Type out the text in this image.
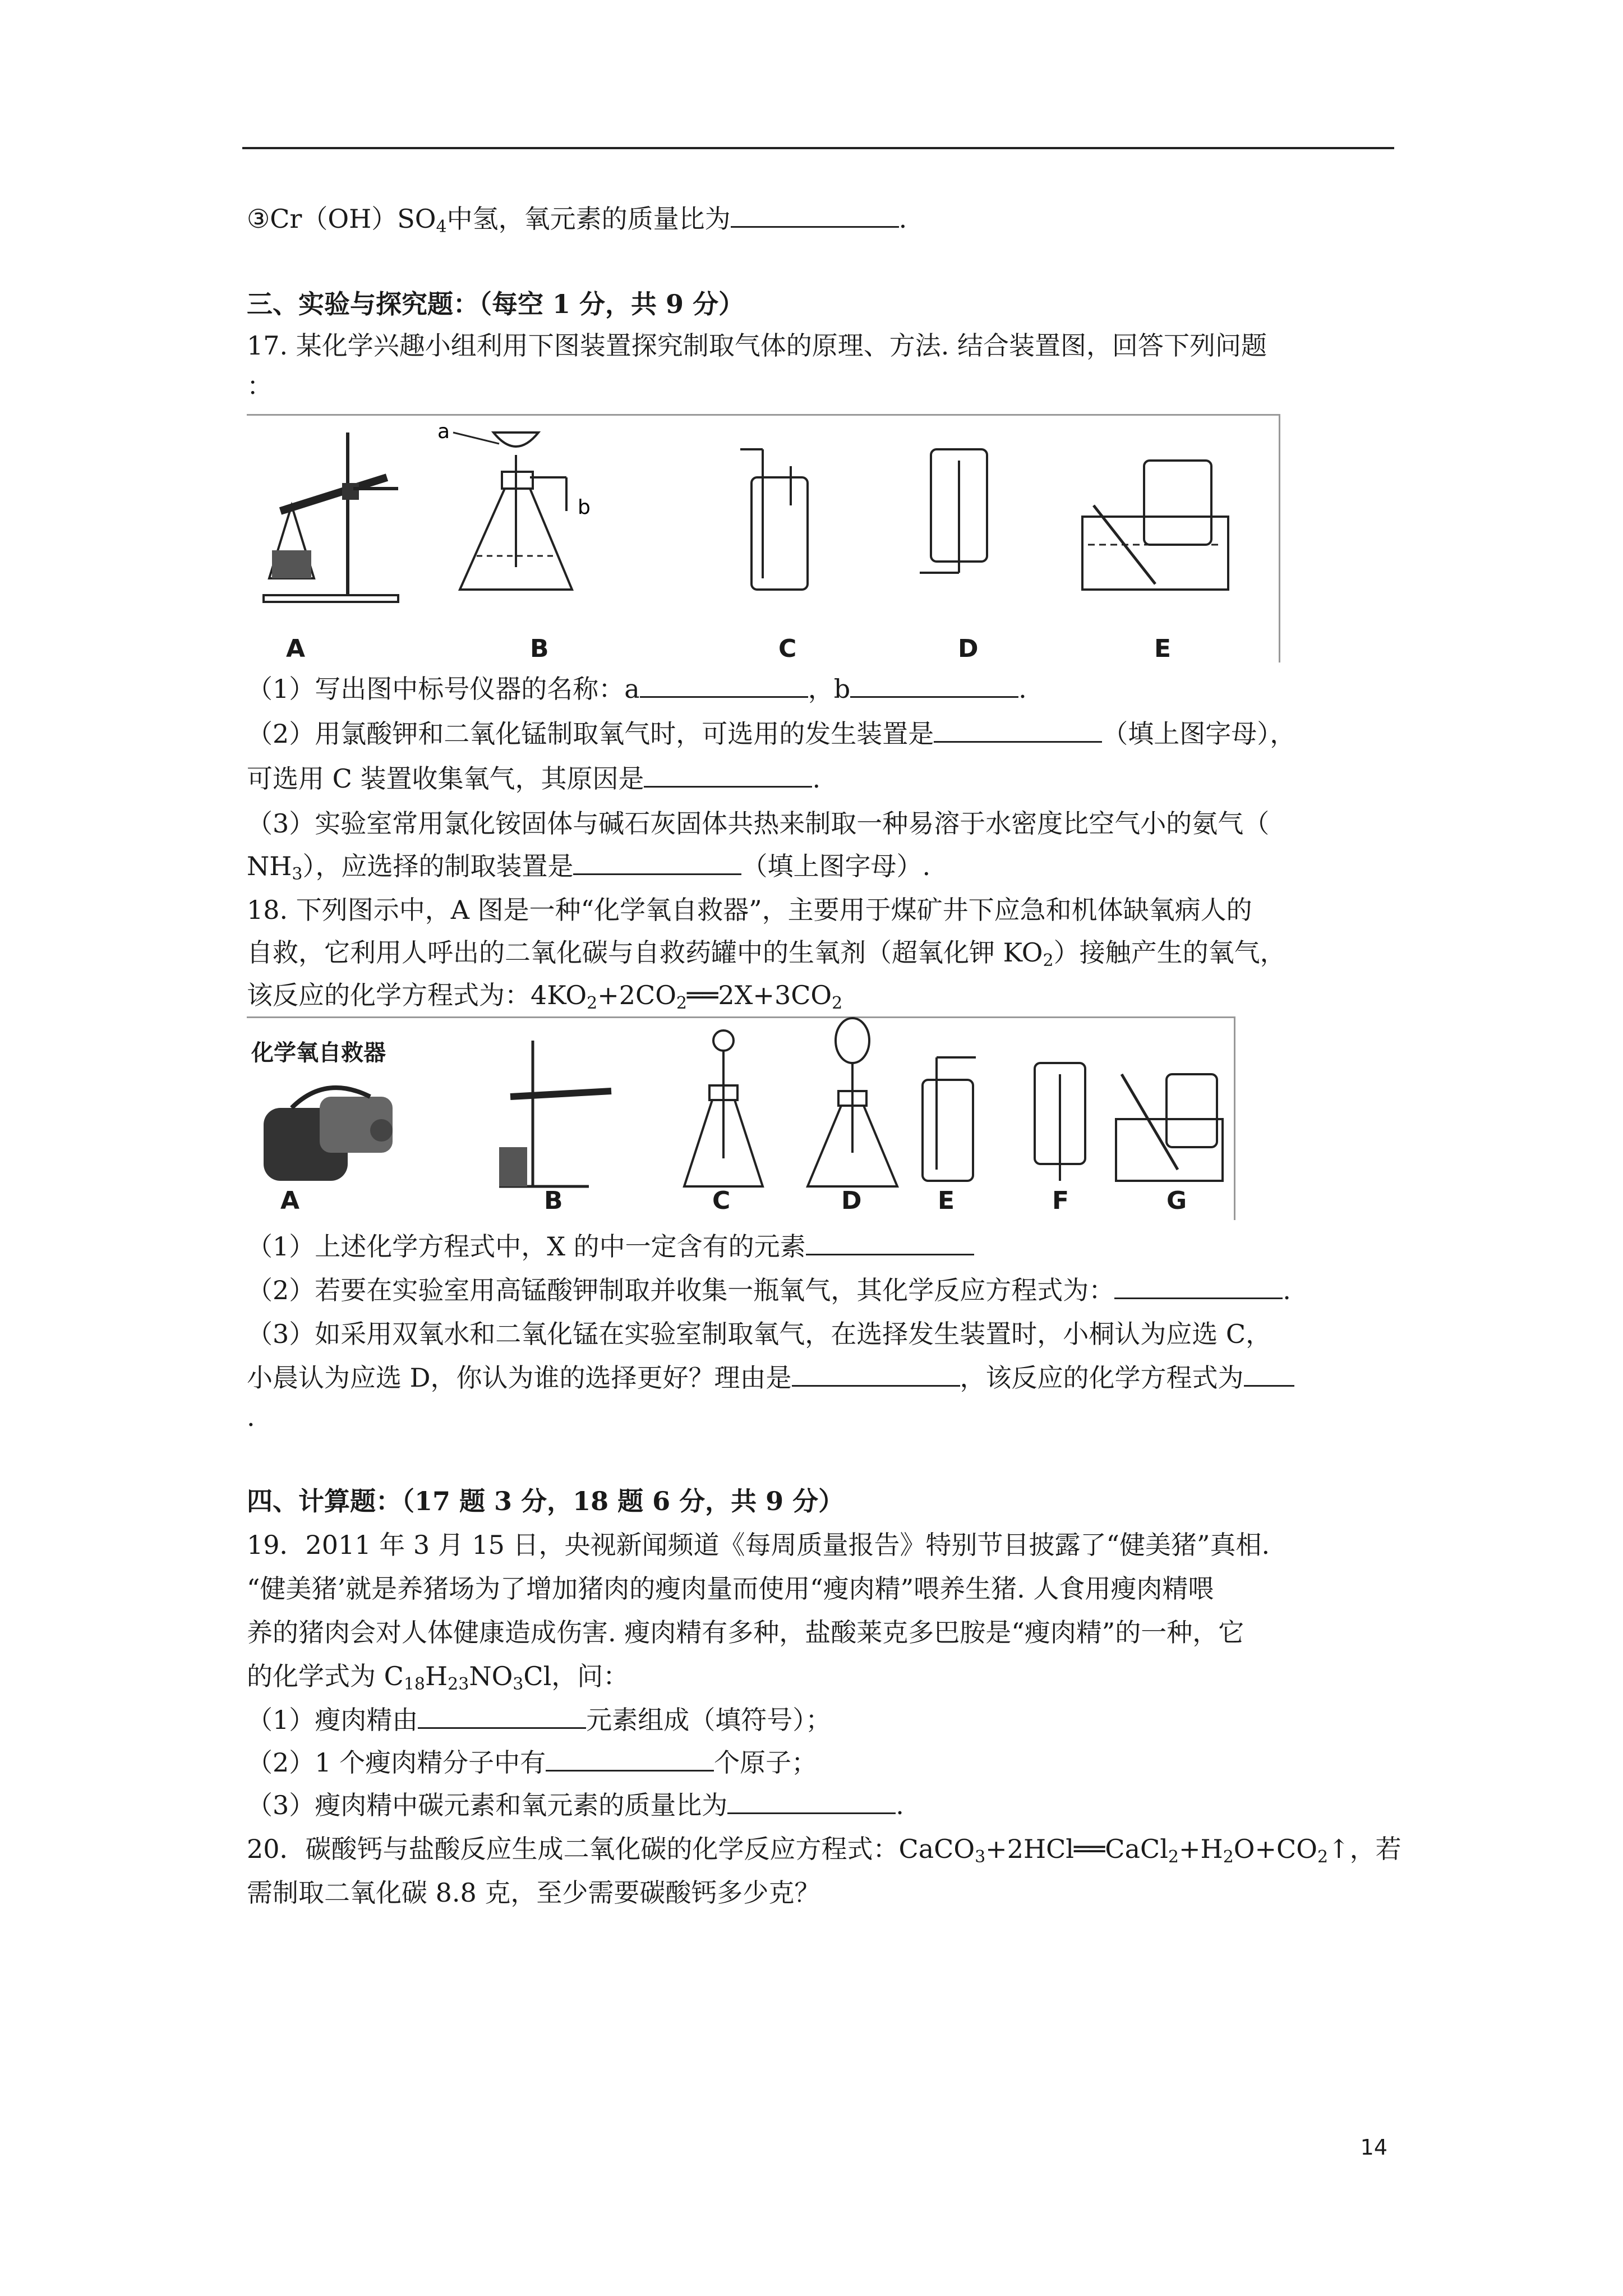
$③Cr(OH)SO_4$中氢，氧元素的质量比为	.
三、实验与探究题：（每空 1 分，共 9 分）
17. 某化学兴趣小组利用下图装置探究制取气体的原理、方法. 结合装置图，回答下列问题
：
a
b
A	B	C	D	E
（1）写出图中标号仪器的名称：a	，b	.
（2）用氯酸钾和二氧化锰制取氧气时，可选用的发生装置是	（填上图字母），
可选用 C 装置收集氧气，其原因是	.
（3）实验室常用氯化铵固体与碱石灰固体共热来制取一种易溶于水密度比空气小的氨气（
$NH_3$），应选择的制取装置是	（填上图字母）.
18. 下列图示中，A 图是一种“化学氧自救器”，主要用于煤矿井下应急和机体缺氧病人的
自救，它利用人呼出的二氧化碳与自救药罐中的生氧剂（超氧化钾 $KO_2$）接触产生的氧气，
该反应的化学方程式为：$4KO_2+2CO_2══2X+3CO_2$
化学氧自救器
A	B	C	D	E	F	G
（1）上述化学方程式中，X 的中一定含有的元素
（2）若要在实验室用高锰酸钾制取并收集一瓶氧气，其化学反应方程式为：	.
（3）如采用双氧水和二氧化锰在实验室制取氧气，在选择发生装置时，小桐认为应选 C，
小晨认为应选 D，你认为谁的选择更好？理由是	，该反应的化学方程式为
.
四、计算题：（17 题 3 分，18 题 6 分，共 9 分）
19．2011 年 3 月 15 日，央视新闻频道《每周质量报告》特别节目披露了“健美猪”真相.
“健美猪’就是养猪场为了增加猪肉的瘦肉量而使用“瘦肉精”喂养生猪. 人食用瘦肉精喂
养的猪肉会对人体健康造成伤害. 瘦肉精有多种，盐酸莱克多巴胺是“瘦肉精”的一种，它
的化学式为 $C_{18}H_{23}NO_3Cl$，问：
（1）瘦肉精由	元素组成（填符号）；
（2）1 个瘦肉精分子中有	个原子；
（3）瘦肉精中碳元素和氧元素的质量比为	.
20．碳酸钙与盐酸反应生成二氧化碳的化学反应方程式：$CaCO_3+2HCl══CaCl_2+H_2O+CO_2↑$，若
需制取二氧化碳 8.8 克，至少需要碳酸钙多少克？
14
